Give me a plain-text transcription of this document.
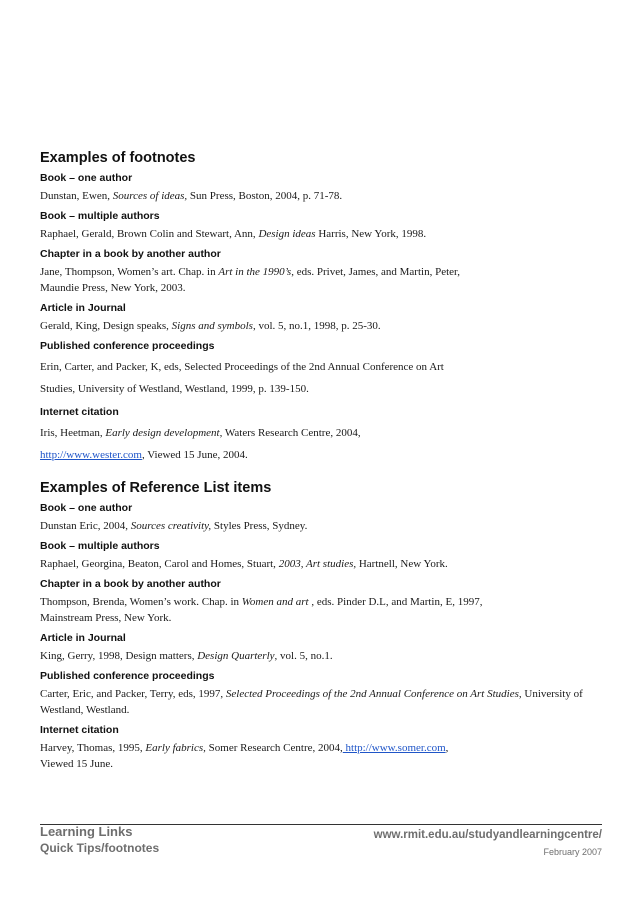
Examples of footnotes
Book – one author
Dunstan, Ewen, Sources of ideas, Sun Press, Boston, 2004, p. 71-78.
Book – multiple authors
Raphael, Gerald, Brown Colin and Stewart, Ann, Design ideas Harris, New York, 1998.
Chapter in a book by another author
Jane, Thompson, Women’s art. Chap. in Art in the 1990’s, eds. Privet, James, and Martin, Peter,
Maundie Press, New York, 2003.
Article in Journal
Gerald, King, Design speaks, Signs and symbols, vol. 5, no.1, 1998, p. 25-30.
Published conference proceedings
Erin, Carter, and Packer, K, eds, Selected Proceedings of the 2nd Annual Conference on Art
Studies, University of Westland, Westland, 1999, p. 139-150.
Internet citation
Iris, Heetman, Early design development, Waters Research Centre, 2004,
http://www.wester.com, Viewed 15 June, 2004.
Examples of Reference List items
Book – one author
Dunstan Eric, 2004, Sources creativity, Styles Press, Sydney.
Book – multiple authors
Raphael, Georgina, Beaton, Carol and Homes, Stuart, 2003, Art studies, Hartnell, New York.
Chapter in a book by another author
Thompson, Brenda, Women’s work. Chap. in Women and art , eds. Pinder D.L, and Martin, E, 1997,
Mainstream Press, New York.
Article in Journal
King, Gerry, 1998, Design matters, Design Quarterly, vol. 5, no.1.
Published conference proceedings
Carter, Eric, and Packer, Terry, eds, 1997, Selected Proceedings of the 2nd Annual Conference on Art Studies, University of
Westland, Westland.
Internet citation
Harvey, Thomas, 1995, Early fabrics, Somer Research Centre, 2004, http://www.somer.com,
Viewed 15 June.
Learning Links
Quick Tips/footnotes
www.rmit.edu.au/studyandlearningcentre/
February 2007
